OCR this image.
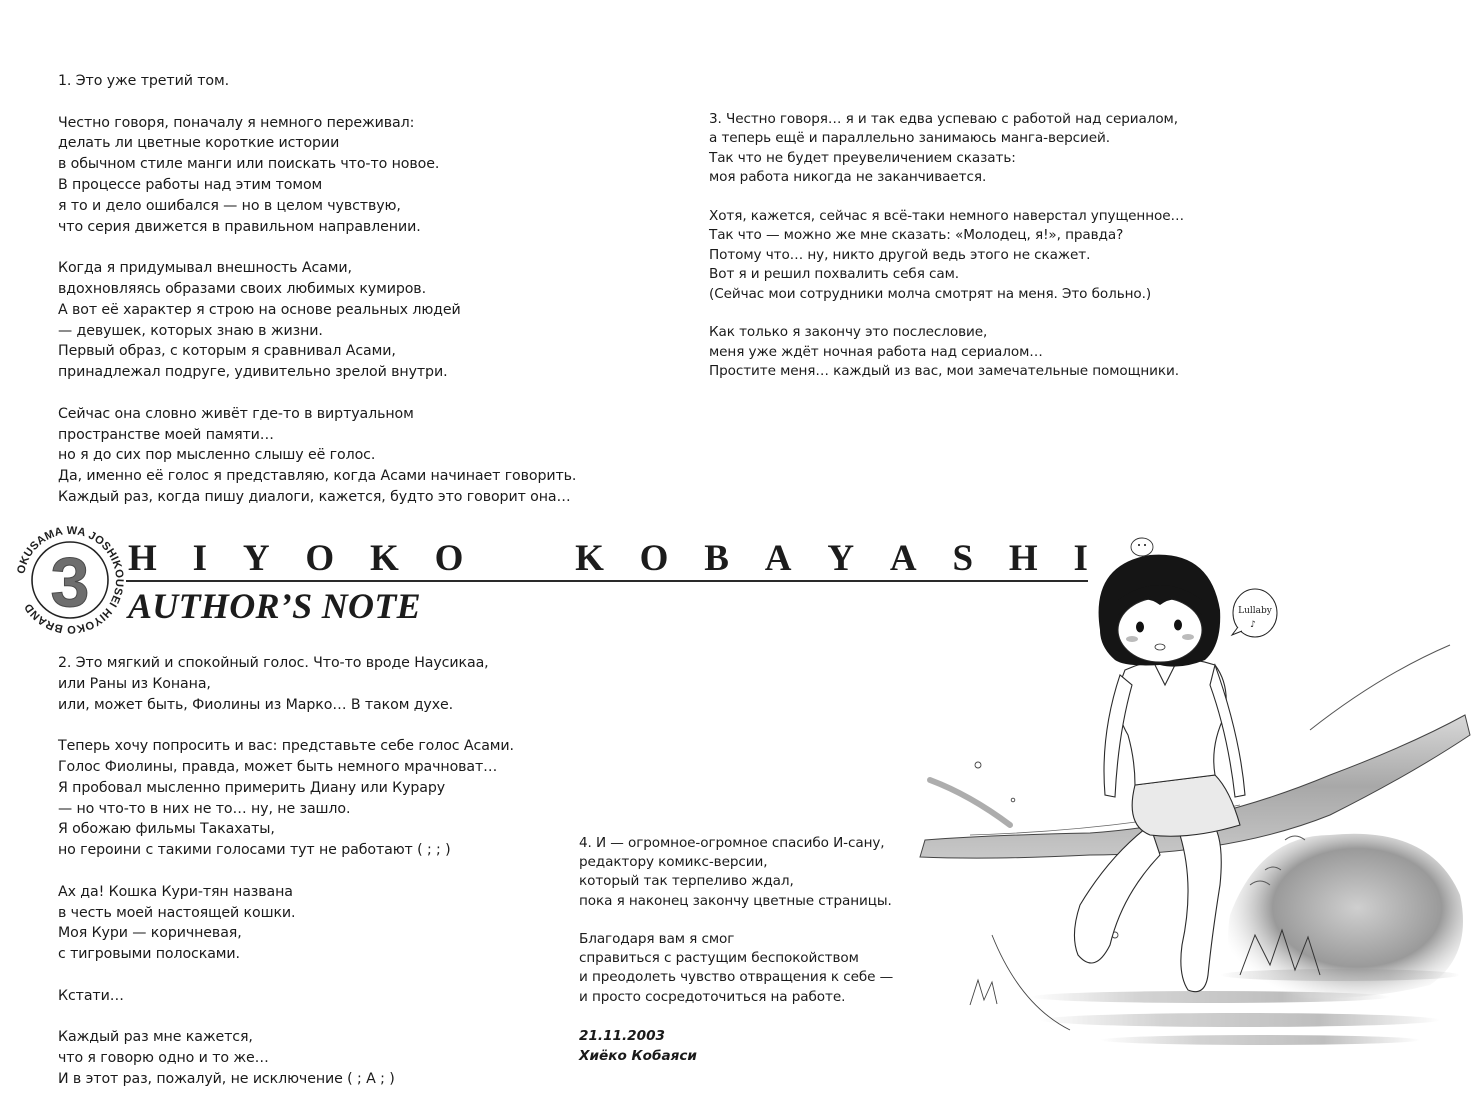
1. Это уже третий том.
Честно говоря, поначалу я немного переживал:
делать ли цветные короткие истории
в обычном стиле манги или поискать что-то новое.
В процессе работы над этим томом
я то и дело ошибался — но в целом чувствую,
что серия движется в правильном направлении.
Когда я придумывал внешность Асами,
вдохновляясь образами своих любимых кумиров.
А вот её характер я строю на основе реальных людей
— девушек, которых знаю в жизни.
Первый образ, с которым я сравнивал Асами,
принадлежал подруге, удивительно зрелой внутри.
Сейчас она словно живёт где-то в виртуальном
пространстве моей памяти…
но я до сих пор мысленно слышу её голос.
Да, именно её голос я представляю, когда Асами начинает говорить.
Каждый раз, когда пишу диалоги, кажется, будто это говорит она…
3. Честно говоря… я и так едва успеваю с работой над сериалом,
а теперь ещё и параллельно занимаюсь манга-версией.
Так что не будет преувеличением сказать:
моя работа никогда не заканчивается.
Хотя, кажется, сейчас я всё-таки немного наверстал упущенное…
Так что — можно же мне сказать: «Молодец, я!», правда?
Потому что… ну, никто другой ведь этого не скажет.
Вот я и решил похвалить себя сам.
(Сейчас мои сотрудники молча смотрят на меня. Это больно.)
Как только я закончу это послесловие,
меня уже ждёт ночная работа над сериалом…
Простите меня… каждый из вас, мои замечательные помощники.
OKUSAMA WA JOSHIKOUSEI HIYOKO BRAND 3 H I Y O K O	K O B A Y A S H I
AUTHOR’S NOTE
2. Это мягкий и спокойный голос. Что-то вроде Наусикаа,
или Раны из Конана,
или, может быть, Фиолины из Марко… В таком духе.
Теперь хочу попросить и вас: представьте себе голос Асами.
Голос Фиолины, правда, может быть немного мрачноват…
Я пробовал мысленно примерить Диану или Курару
— но что-то в них не то… ну, не зашло.
Я обожаю фильмы Такахаты,
но героини с такими голосами тут не работают ( ; ; )
Ах да! Кошка Кури-тян названа
в честь моей настоящей кошки.
Моя Кури — коричневая,
с тигровыми полосками.
Кстати…
Каждый раз мне кажется,
что я говорю одно и то же…
И в этот раз, пожалуй, не исключение ( ; А ; )
4. И — огромное-огромное спасибо И-сану,
редактору комикс-версии,
который так терпеливо ждал,
пока я наконец закончу цветные страницы.
Благодаря вам я смог
справиться с растущим беспокойством
и преодолеть чувство отвращения к себе —
и просто сосредоточиться на работе.
21.11.2003
Хиёко Кобаяси
Lullaby
♪
